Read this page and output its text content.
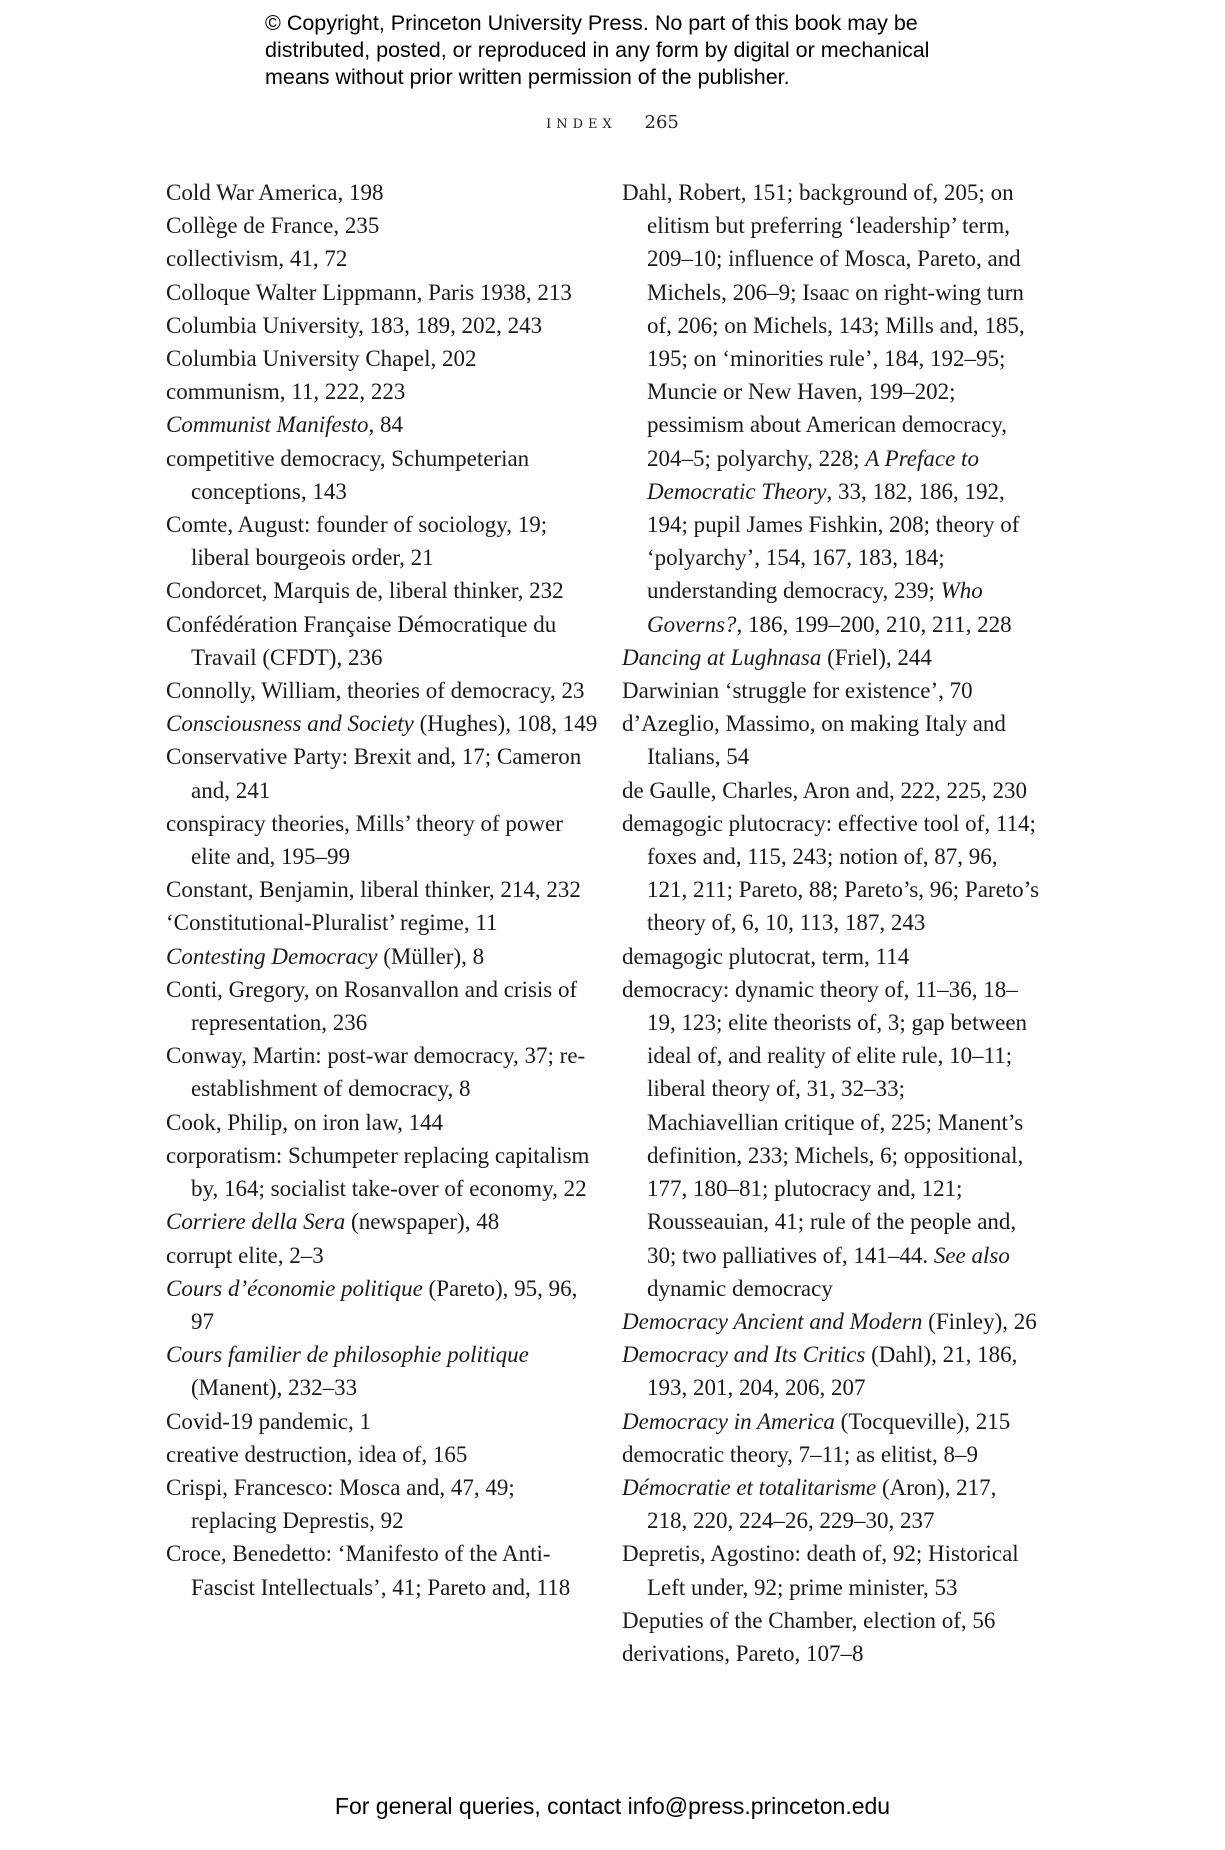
© Copyright, Princeton University Press. No part of this book may be
distributed, posted, or reproduced in any form by digital or mechanical
means without prior written permission of the publisher.
index 265
Cold War America, 198
Collège de France, 235
collectivism, 41, 72
Colloque Walter Lippmann, Paris 1938, 213
Columbia University, 183, 189, 202, 243
Columbia University Chapel, 202
communism, 11, 222, 223
Communist Manifesto, 84
competitive democracy, Schumpeterian conceptions, 143
Comte, August: founder of sociology, 19; liberal bourgeois order, 21
Condorcet, Marquis de, liberal thinker, 232
Confédération Française Démocratique du Travail (CFDT), 236
Connolly, William, theories of democracy, 23
Consciousness and Society (Hughes), 108, 149
Conservative Party: Brexit and, 17; Cameron and, 241
conspiracy theories, Mills’ theory of power elite and, 195–99
Constant, Benjamin, liberal thinker, 214, 232
‘Constitutional-Pluralist’ regime, 11
Contesting Democracy (Müller), 8
Conti, Gregory, on Rosanvallon and crisis of representation, 236
Conway, Martin: post-war democracy, 37; re-establishment of democracy, 8
Cook, Philip, on iron law, 144
corporatism: Schumpeter replacing capitalism by, 164; socialist take-over of economy, 22
Corriere della Sera (newspaper), 48
corrupt elite, 2–3
Cours d’économie politique (Pareto), 95, 96, 97
Cours familier de philosophie politique (Manent), 232–33
Covid-19 pandemic, 1
creative destruction, idea of, 165
Crispi, Francesco: Mosca and, 47, 49; replacing Deprestis, 92
Croce, Benedetto: ‘Manifesto of the Anti-Fascist Intellectuals’, 41; Pareto and, 118
Dahl, Robert, 151; background of, 205; on elitism but preferring ‘leadership’ term, 209–10; influence of Mosca, Pareto, and Michels, 206–9; Isaac on right-wing turn of, 206; on Michels, 143; Mills and, 185, 195; on ‘minorities rule’, 184, 192–95; Muncie or New Haven, 199–202; pessimism about American democracy, 204–5; polyarchy, 228; A Preface to Democratic Theory, 33, 182, 186, 192, 194; pupil James Fishkin, 208; theory of ‘polyarchy’, 154, 167, 183, 184; understanding democracy, 239; Who Governs?, 186, 199–200, 210, 211, 228
Dancing at Lughnasa (Friel), 244
Darwinian ‘struggle for existence’, 70
d’Azeglio, Massimo, on making Italy and Italians, 54
de Gaulle, Charles, Aron and, 222, 225, 230
demagogic plutocracy: effective tool of, 114; foxes and, 115, 243; notion of, 87, 96, 121, 211; Pareto, 88; Pareto’s, 96; Pareto’s theory of, 6, 10, 113, 187, 243
demagogic plutocrat, term, 114
democracy: dynamic theory of, 11–36, 18–19, 123; elite theorists of, 3; gap between ideal of, and reality of elite rule, 10–11; liberal theory of, 31, 32–33; Machiavellian critique of, 225; Manent’s definition, 233; Michels, 6; oppositional, 177, 180–81; plutocracy and, 121; Rousseauian, 41; rule of the people and, 30; two palliatives of, 141–44. See also dynamic democracy
Democracy Ancient and Modern (Finley), 26
Democracy and Its Critics (Dahl), 21, 186, 193, 201, 204, 206, 207
Democracy in America (Tocqueville), 215
democratic theory, 7–11; as elitist, 8–9
Démocratie et totalitarisme (Aron), 217, 218, 220, 224–26, 229–30, 237
Depretis, Agostino: death of, 92; Historical Left under, 92; prime minister, 53
Deputies of the Chamber, election of, 56
derivations, Pareto, 107–8
For general queries, contact info@press.princeton.edu
